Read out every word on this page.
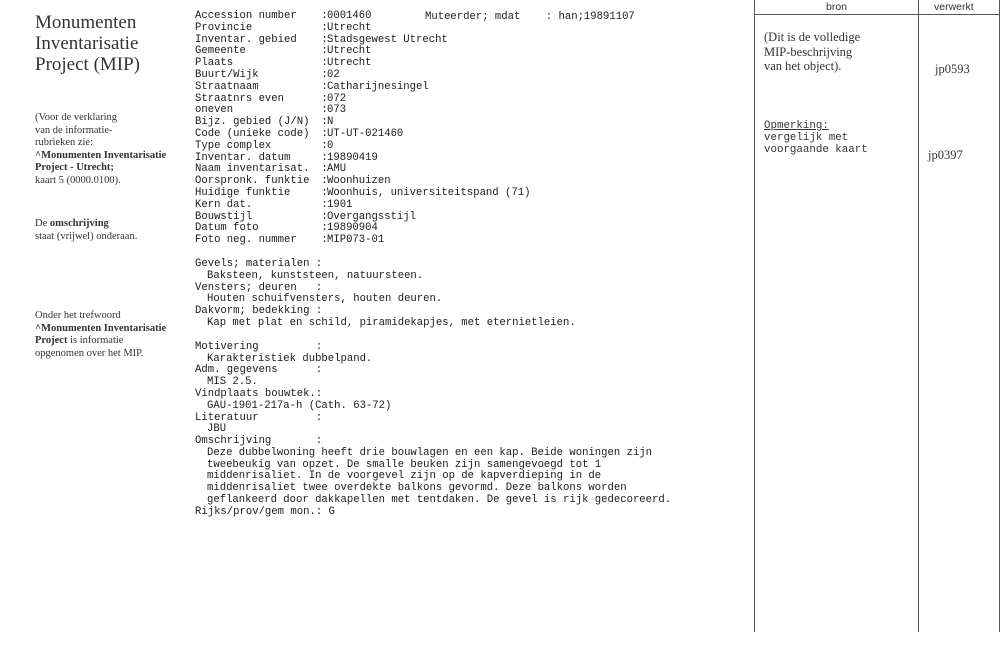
Monumenten Inventarisatie Project (MIP)
(Voor de verklaring
van de informatie-
rubrieken zie:
^Monumenten Inventarisatie
Project - Utrecht;
kaart 5 (0000.0100).
De omschrijving
staat (vrijwel) onderaan.
Onder het trefwoord
^Monumenten Inventarisatie
Project is informatie
opgenomen over het MIP.
Muteerder; mdat    : han;19891107
Accession number	: 0001460
Provincie	: Utrecht
Inventar. gebied	: Stadsgewest Utrecht
Gemeente	: Utrecht
Plaats	: Utrecht
Buurt/Wijk	: 02
Straatnaam	: Catharijnesingel
Straatnrs even	: 072
oneven	: 073
Bijz. gebied (J/N) : N
Code (unieke code) : UT-UT-021460
Type complex	: 0
Inventar. datum	: 19890419
Naam inventarisat. : AMU
Oorspronk. funktie : Woonhuizen
Huidige funktie	: Woonhuis, universiteitspand (71)
Kern dat.	: 1901
Bouwstijl	: Overgangsstijl
Datum foto	: 19890904
Foto neg. nummer	: MIP073-01
Gevels; materialen :
Baksteen, kunststeen, natuursteen.
Vensters; deuren   :
Houten schuifvensters, houten deuren.
Dakvorm; bedekking :
Kap met plat en schild, piramidekapjes, met eternietleien.
Motivering         :
Karakteristiek dubbelpand.
Adm. gegevens      :
MIS 2.5.
Vindplaats bouwtek.:
GAU-1901-217a-h (Cath. 63-72)
Literatuur         :
JBU
Omschrijving       :
Deze dubbelwoning heeft drie bouwlagen en een kap. Beide woningen zijn
tweebeukig van opzet. De smalle beuken zijn samengevoegd tot 1
middenrisaliet. In de voorgevel zijn op de kapverdieping in de
middenrisaliet twee overdekte balkons gevormd. Deze balkons worden
geflankeerd door dakkapellen met tentdaken. De gevel is rijk gedecoreerd.
Rijks/prov/gem mon.: G
bron	verwerkt
(Dit is de volledige
MIP-beschrijving
van het object).	jp0593
Opmerking:
vergelijk met
voorgaande kaart	jp0397
